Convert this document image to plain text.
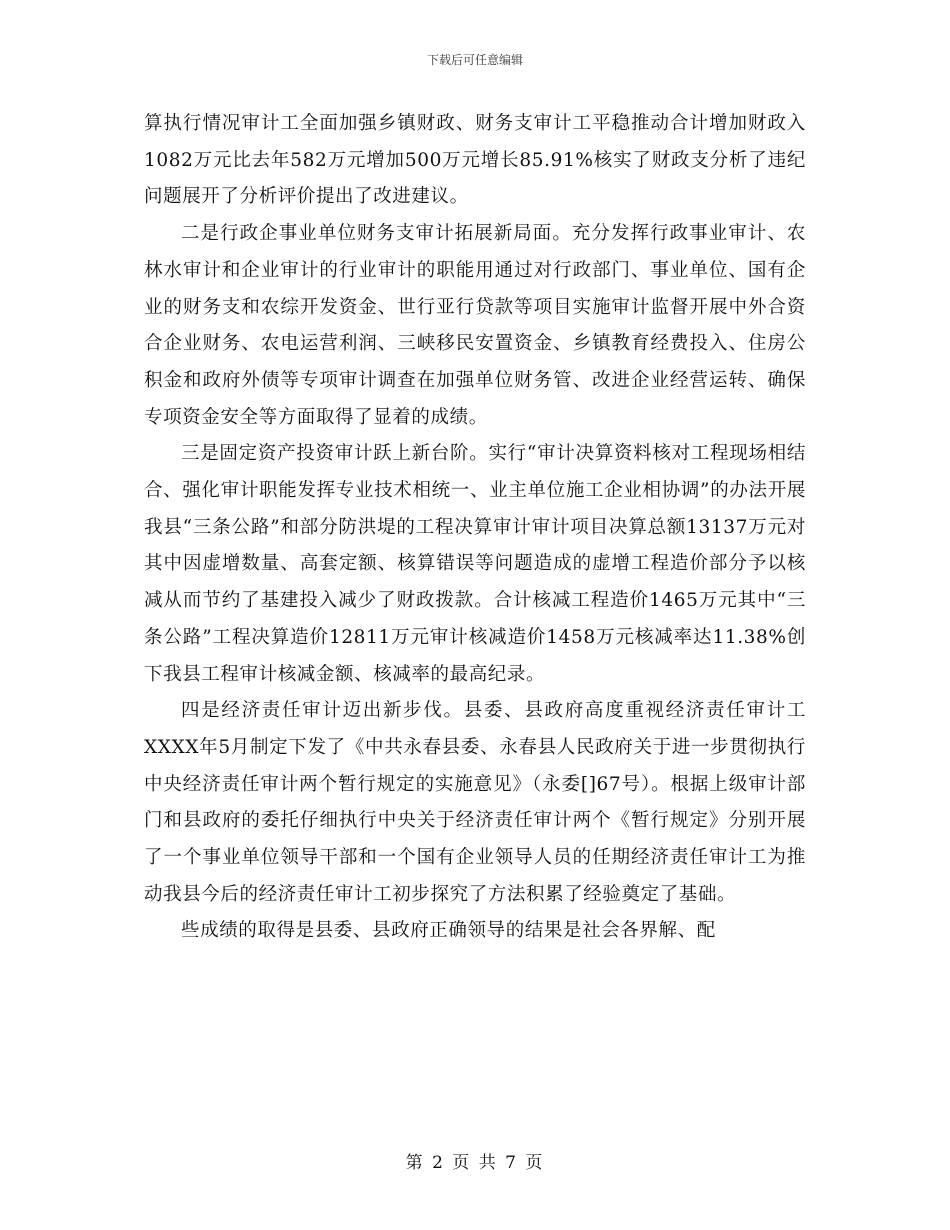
下载后可任意编辑

算执行情况审计工全面加强乡镇财政、财务支审计工平稳推动合计增加财政入1082万元比去年582万元增加500万元增长85.91%核实了财政支分析了违纪问题展开了分析评价提出了改进建议。

二是行政企事业单位财务支审计拓展新局面。充分发挥行政事业审计、农林水审计和企业审计的行业审计的职能用通过对行政部门、事业单位、国有企业的财务支和农综开发资金、世行亚行贷款等项目实施审计监督开展中外合资合企业财务、农电运营利润、三峡移民安置资金、乡镇教育经费投入、住房公积金和政府外债等专项审计调查在加强单位财务管、改进企业经营运转、确保专项资金安全等方面取得了显着的成绩。

三是固定资产投资审计跃上新台阶。实行“审计决算资料核对工程现场相结合、强化审计职能发挥专业技术相统一、业主单位施工企业相协调”的办法开展我县“三条公路”和部分防洪堤的工程决算审计审计项目决算总额13137万元对其中因虚增数量、高套定额、核算错误等问题造成的虚增工程造价部分予以核减从而节约了基建投入减少了财政拨款。合计核减工程造价1465万元其中“三条公路”工程决算造价12811万元审计核减造价1458万元核减率达11.38%创下我县工程审计核减金额、核减率的最高纪录。

四是经济责任审计迈出新步伐。县委、县政府高度重视经济责任审计工XXXX年5月制定下发了《中共永春县委、永春县人民政府关于进一步贯彻执行中央经济责任审计两个暂行规定的实施意见》（永委[]67号）。根据上级审计部门和县政府的委托仔细执行中央关于经济责任审计两个《暂行规定》分别开展了一个事业单位领导干部和一个国有企业领导人员的任期经济责任审计工为推动我县今后的经济责任审计工初步探究了方法积累了经验奠定了基础。

些成绩的取得是县委、县政府正确领导的结果是社会各界解、配

第 2 页 共 7 页
